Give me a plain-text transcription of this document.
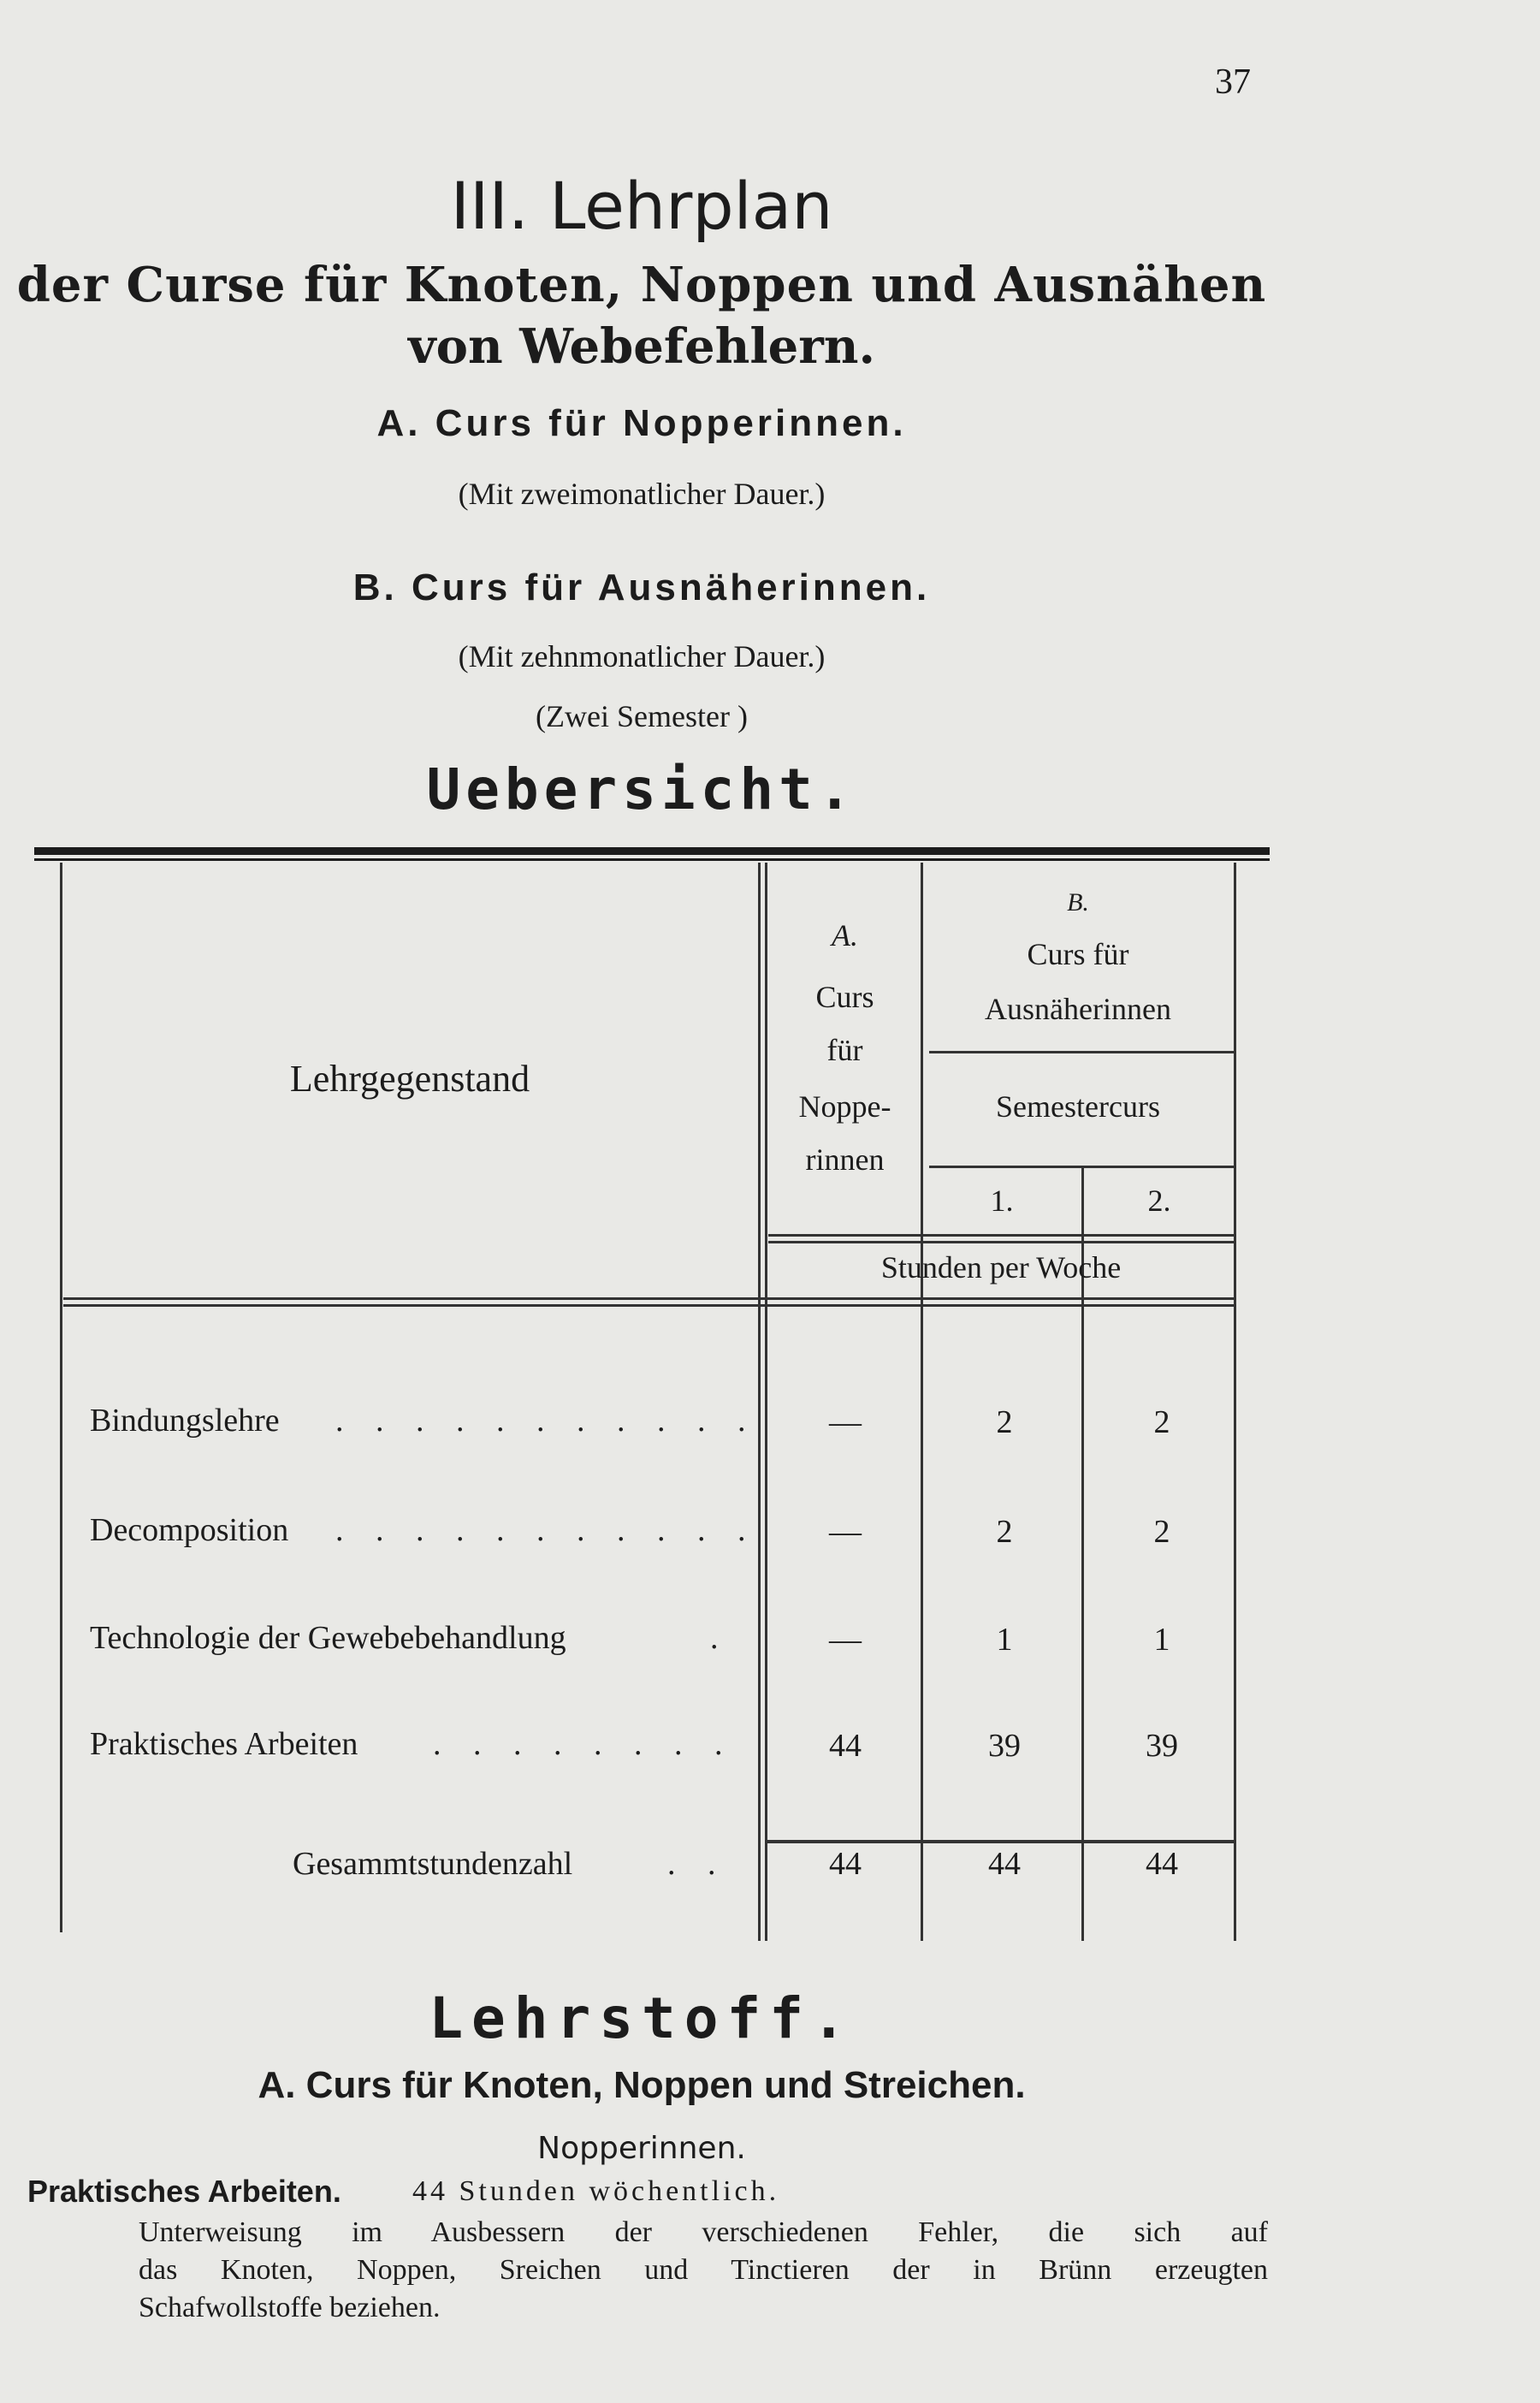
37
III. Lehrplan
der Curse für Knoten, Noppen und Ausnähen
von Webefehlern.
A. Curs für Nopperinnen.
(Mit zweimonatlicher Dauer.)
B. Curs für Ausnäherinnen.
(Mit zehnmonatlicher Dauer.)
(Zwei Semester )
Uebersicht.
Lehrgegenstand
A.
Curs
für
Noppe-
rinnen
B.
Curs für
Ausnäherinnen
Semestercurs
1.	2.
Stunden per Woche
Bindungslehre . . . . . . . . . . .	—	2	2
Decomposition . . . . . . . . . . .	—	2	2
Technologie der Gewebebehandlung	.	—	1	1
Praktisches Arbeiten . . . . . . . .	44	39	39
Gesammtstundenzahl	. .	44	44	44
Lehrstoff.
A. Curs für Knoten, Noppen und Streichen.
Nopperinnen.
Praktisches Arbeiten. 44 Stunden wöchentlich.
Unterweisung im Ausbessern der verschiedenen Fehler, die sich auf
das Knoten, Noppen, Sreichen und Tinctieren der in Brünn erzeugten
Schafwollstoffe beziehen.
